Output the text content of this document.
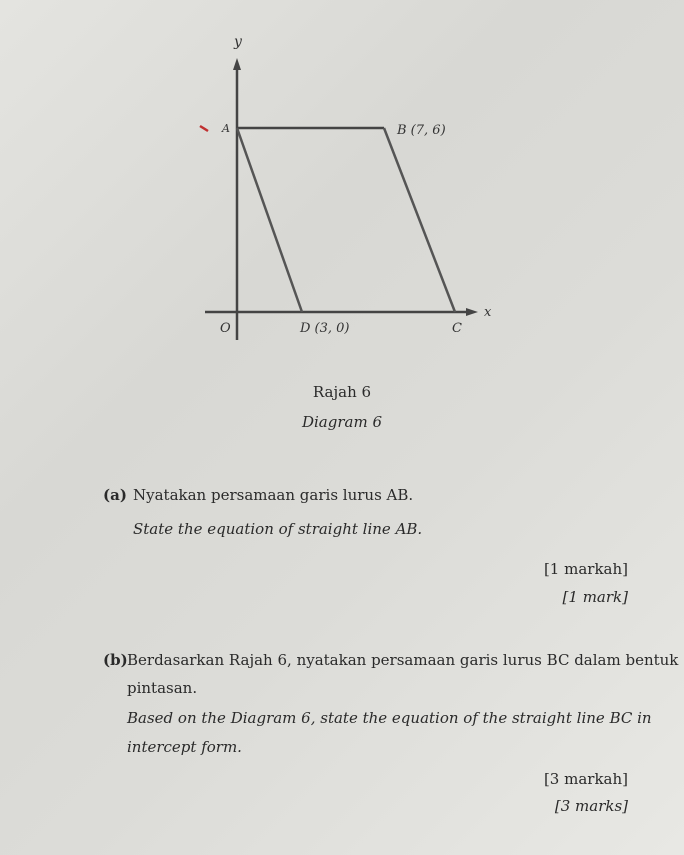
y
x
A	B (7, 6)
O	D (3, 0)	C
Rajah 6
Diagram 6
(a) Nyatakan persamaan garis lurus AB.
State the equation of straight line AB.
[1 markah]
[1 mark]
(b) Berdasarkan Rajah 6, nyatakan persamaan garis lurus BC dalam bentuk
pintasan.
Based on the Diagram 6, state the equation of the straight line BC in
intercept form.
[3 markah]
[3 marks]
